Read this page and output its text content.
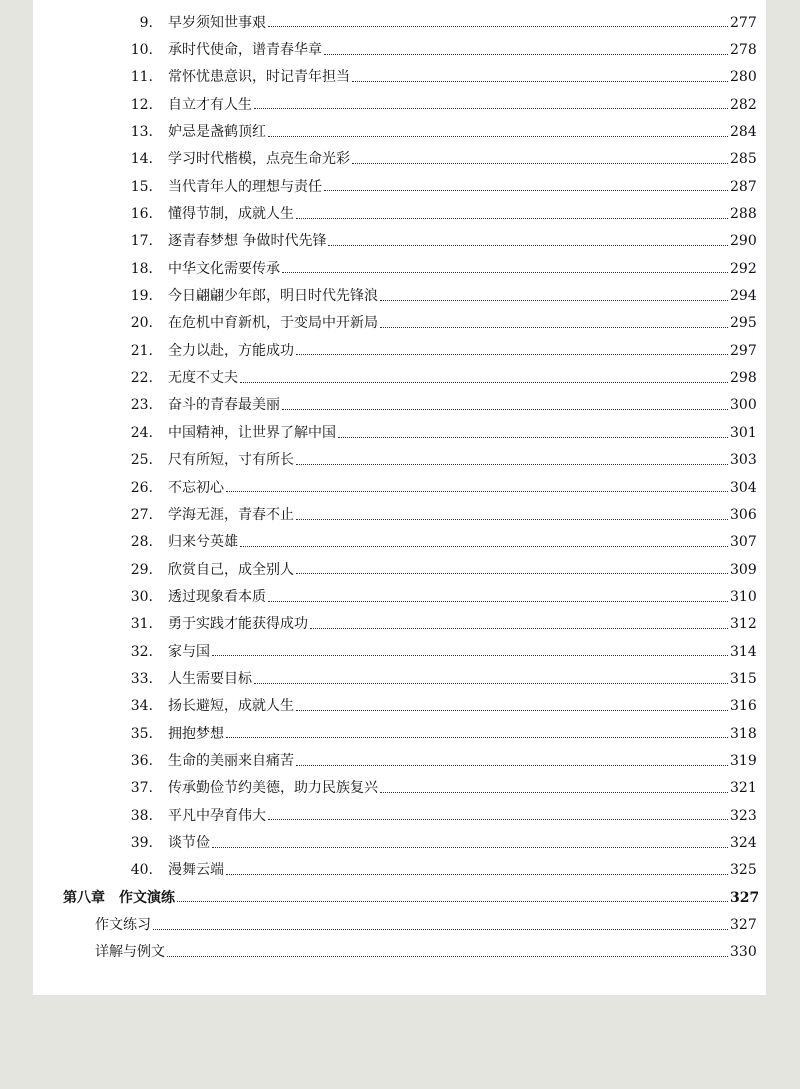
9. 早岁须知世事艰	277
10. 承时代使命，谱青春华章	278
11. 常怀忧患意识，时记青年担当	280
12. 自立才有人生	282
13. 妒忌是盏鹤顶红	284
14. 学习时代楷模，点亮生命光彩	285
15. 当代青年人的理想与责任	287
16. 懂得节制，成就人生	288
17. 逐青春梦想 争做时代先锋	290
18. 中华文化需要传承	292
19. 今日翩翩少年郎，明日时代先锋浪	294
20. 在危机中育新机，于变局中开新局	295
21. 全力以赴，方能成功	297
22. 无度不丈夫	298
23. 奋斗的青春最美丽	300
24. 中国精神，让世界了解中国	301
25. 尺有所短，寸有所长	303
26. 不忘初心	304
27. 学海无涯，青春不止	306
28. 归来兮英雄	307
29. 欣赏自己，成全别人	309
30. 透过现象看本质	310
31. 勇于实践才能获得成功	312
32. 家与国	314
33. 人生需要目标	315
34. 扬长避短，成就人生	316
35. 拥抱梦想	318
36. 生命的美丽来自痛苦	319
37. 传承勤俭节约美德，助力民族复兴	321
38. 平凡中孕育伟大	323
39. 谈节俭	324
40. 漫舞云端	325
第八章　作文演练	327
作文练习	327
详解与例文	330
